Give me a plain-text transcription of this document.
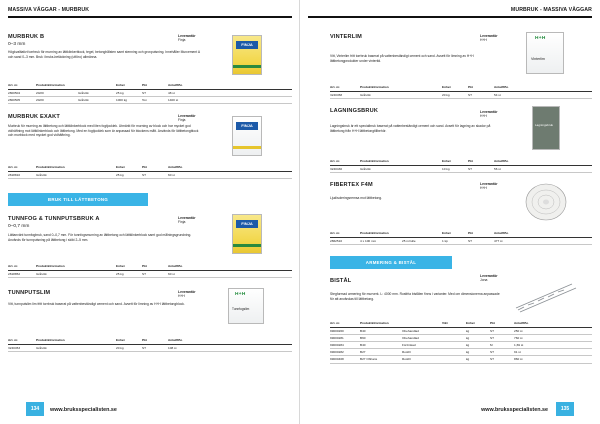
MASSIVA VÄGGAR - MURBRUK
MURBRUK B
0–3 mm
Leverantör
Finja
Högkvalitativt torrbruk för murning av lättklinkerblock, tegel, betonghålsten samt stenning och grovputsning. Innehåller Murcement A och sand 0–3 mm. Bruk i bruks-betäckning (utföro) allmänna.
FINJA
Art. nr.	Produktinformation		Enhet	Pkt	Antal/PAL
2800504	20/20	Grå/vitk	25 kg	ST	48 st
2800505	20/20	Grå/vitk	1000 kg	Ton	1400 st
MURBRUK EXAKT	Leverantör
Finja
Murbruk för murning av lättbetong och lättklinkerblock med liten fogtjocklek. Utmärkt för murning av block och har mycket god vidhäftning mot lättklinkerblock och lättbetong. Med en fogtjocklek som är anpassad för blockens mått. Används för lättbetongblock och murblock med mycket god vidhäftning.
FINJA
Art. nr.	Produktinformation		Enhet	Pkt	Antal/PAL
2818810	Grå/vitk		25 kg	ST	60 st
BRUK TILL LÄTTBETONG
TUNNFOG & TUNNPUTSBRUK A
0–0,7 mm
Leverantör
Finja
Lättanvänt tunnfogbruk, sand 0–0,7 mm. För tunnfogsmurning av lättbetong och lättklinkerblock samt god målningsgrundning. Används för tunnputsning på lättbetong i skikt 2–5 mm.
FINJA
Art. nr.	Produktinformation		Enhet	Pkt	Antal/PAL
2818852	Grå/vitk		25 kg	ST	60 st
TUNNPUTSLIM	Leverantör
H+H
Vitt, tunnputslim lim fritt torrbruk baserat på vattenbeständigt cement och sand. Avsett för limning av H+H lättbetongblock.
H+H
Tunnfogslim
Art. nr.	Produktinformation		Enhet	Pkt	Antal/PAL
3240453	Grå/vitk		20 kg	ST	108 st
134	www.bruksspecialisten.se
MURBRUK - MASSIVA VÄGGAR
VINTERLIM	Leverantör
H+H
Vitt, Vinterlim fritt torrbruk baserat på vattenbeständigt cement och sand. Avsett för limning av H+H lättbetongprodukter under vintertid.
H+H
Vinterlim
Art. nr.	Produktinformation		Enhet	Pkt	Antal/PAL
3240458	Grå/vitk		20 kg	ST	54 st
LAGNINGSBRUK	Leverantör
H+H
Lagningsbruk är ett specialbruk baserat på vattenbeständigt cement och sand. Avsett för lagning av skador på lättbetong från H+H lättbetongtillbehör.
Lagningsbruk
Art. nr.	Produktinformation		Enhet	Pkt	Antal/PAL
3240430	Grå/vitk		10 kg	ST	56 st
FIBERTEX F4M	Leverantör
H+H
Ljudisoleringsremsa mot lättbetong.
Art. nr.	Produktinformation		Enhet	Pkt	Antal/PAL
2862510	4 x 100 mm	25 m/rulle	1 kp	ST	477 st
ARMERING & BISTÅL
BISTÅL
Leverantör
Jona
Stegformad armering för murverk. L: 4000 mm. Rostfria bistålen finns i varianter. Med om dimensionerna anpassade för att användas till lättbetong.
Art. nr.	Produktinformation		Vikt	Enhet	Pkt	Antal/PAL
99000260	B40	Obehandlad		kg	ST	250 st
99000281	B60	Obehandlad		kg	ST	760 st
99000284	B40	Förzinkad		kg	M	1,69 st
99000282	B27	Rostfri		kg	ST	91 st
99000468	B27 Obhans	Rostfri		kg	ST	860 st
www.bruksspecialisten.se	135
